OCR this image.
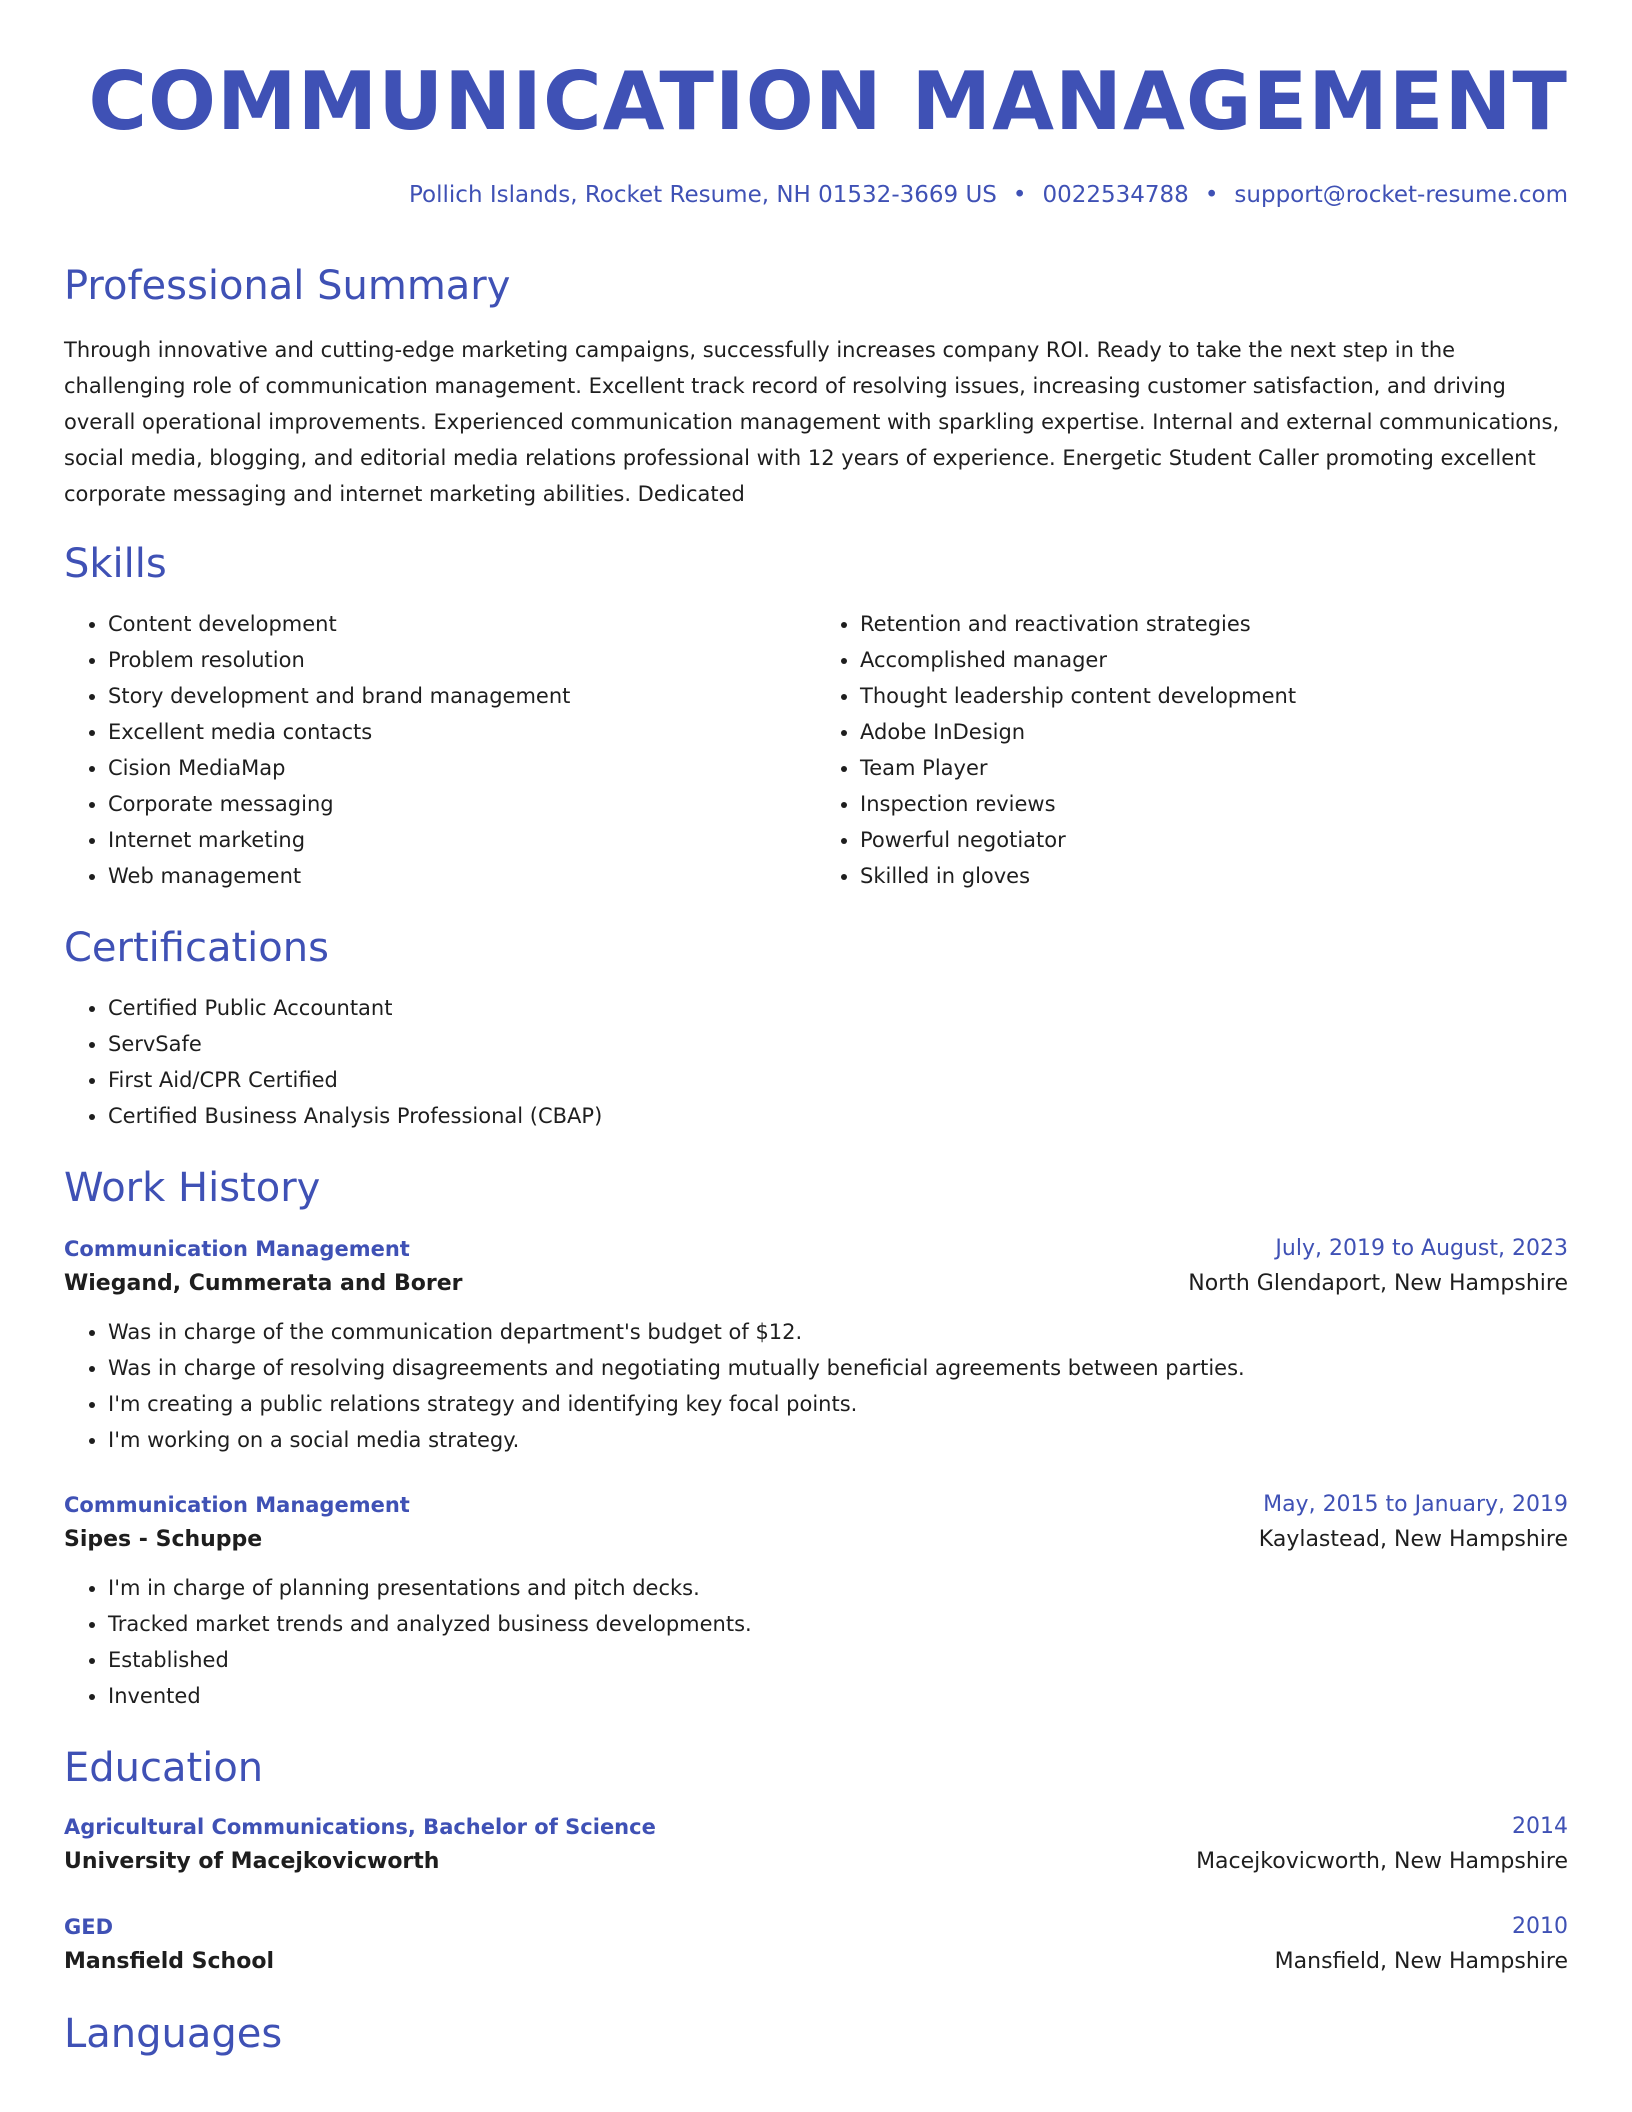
COMMUNICATION MANAGEMENT
Pollich Islands, Rocket Resume, NH 01532-3669 US • 0022534788 • support@rocket-resume.com
Professional Summary
Through innovative and cutting-edge marketing campaigns, successfully increases company ROI. Ready to take the next step in the challenging role of communication management. Excellent track record of resolving issues, increasing customer satisfaction, and driving overall operational improvements. Experienced communication management with sparkling expertise. Internal and external communications, social media, blogging, and editorial media relations professional with 12 years of experience. Energetic Student Caller promoting excellent corporate messaging and internet marketing abilities. Dedicated
Skills
• Content development
• Problem resolution
• Story development and brand management
• Excellent media contacts
• Cision MediaMap
• Corporate messaging
• Internet marketing
• Web management
• Retention and reactivation strategies
• Accomplished manager
• Thought leadership content development
• Adobe InDesign
• Team Player
• Inspection reviews
• Powerful negotiator
• Skilled in gloves
Certifications
• Certified Public Accountant
• ServSafe
• First Aid/CPR Certified
• Certified Business Analysis Professional (CBAP)
Work History
Communication Management	July, 2019 to August, 2023
Wiegand, Cummerata and Borer	North Glendaport, New Hampshire
• Was in charge of the communication department's budget of $12.
• Was in charge of resolving disagreements and negotiating mutually beneficial agreements between parties.
• I'm creating a public relations strategy and identifying key focal points.
• I'm working on a social media strategy.
Communication Management	May, 2015 to January, 2019
Sipes - Schuppe	Kaylastead, New Hampshire
• I'm in charge of planning presentations and pitch decks.
• Tracked market trends and analyzed business developments.
• Established
• Invented
Education
Agricultural Communications, Bachelor of Science	2014
University of Macejkovicworth	Macejkovicworth, New Hampshire
GED	2010
Mansfield School	Mansfield, New Hampshire
Languages
